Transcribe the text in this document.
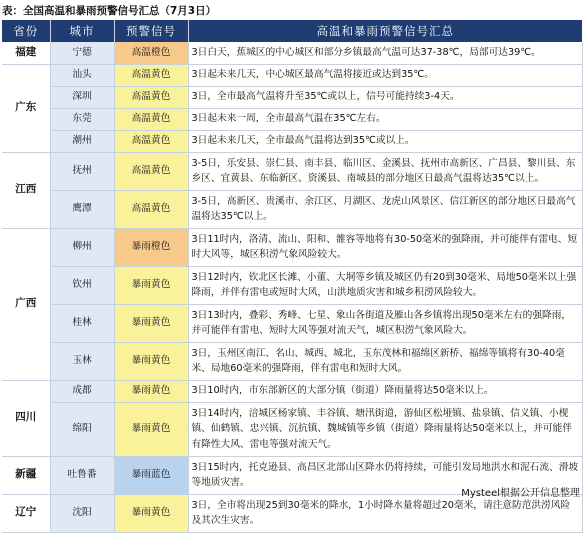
表：全国高温和暴雨预警信号汇总（7月3日）
省份	城市	预警信号	高温和暴雨预警信号汇总
福建	宁德	高温橙色	3日白天，蕉城区的中心城区和部分乡镇最高气温可达37-38℃，局部可达39℃。
广东	汕头	高温黄色	3日起未来几天，中心城区最高气温将接近或达到35℃。
	深圳	高温黄色	3日，全市最高气温将升至35℃或以上，信号可能持续3-4天。
	东莞	高温黄色	3日起未来一周，全市最高气温在35℃左右。
	潮州	高温黄色	3日起未来几天，全市最高气温将达到35℃或以上。
江西	抚州	高温黄色	3-5日，乐安县、崇仁县、南丰县、临川区、金溪县、抚州市高新区、广昌县、黎川县、东乡区、宜黄县、东临新区、资溪县、南城县的部分地区日最高气温将达35℃以上。
	鹰潭	高温黄色	3-5日，高新区、贵溪市、余江区、月湖区、龙虎山风景区、信江新区的部分地区日最高气温将达35℃以上。
广西	柳州	暴雨橙色	3日11时内，洛清、流山、阳和、雒容等地将有30-50毫米的强降雨，并可能伴有雷电、短时大风等，城区积涝气象风险较大。
	钦州	暴雨黄色	3日12时内，钦北区长滩、小董、大垌等乡镇及城区仍有20到30毫米、局地50毫米以上强降雨，并伴有雷电或短时大风，山洪地质灾害和城乡积涝风险较大。
	桂林	暴雨黄色	3日13时内，叠彩、秀峰、七星、象山各街道及雁山各乡镇将出现50毫米左右的强降雨，并可能伴有雷电、短时大风等强对流天气，城区积涝气象风险大。
	玉林	暴雨黄色	3日，玉州区南江、名山、城西、城北，玉东茂林和福绵区新桥、福绵等镇将有30-40毫米、局地60毫米的强降雨，伴有雷电和短时大风。
四川	成都	暴雨黄色	3日10时内，市东部新区的大部分镇（街道）降雨量将达50毫米以上。
	绵阳	暴雨黄色	3日14时内，涪城区杨家镇、丰谷镇、塘汛街道，游仙区松垭镇、盐泉镇、信义镇、小枧镇、仙鹤镇、忠兴镇、沉抗镇、魏城镇等乡镇（街道）降雨量将达50毫米以上，并可能伴有降性大风、雷电等强对流天气。
新疆	吐鲁番	暴雨蓝色	3日15时内，托克逊县、高昌区北部山区降水仍将持续，可能引发局地洪水和泥石流、滑坡等地质灾害。
辽宁	沈阳	暴雨黄色	3日，全市将出现25到30毫米的降水，1小时降水量将超过20毫米，请注意防范洪涝风险及其次生灾害。
Mysteel根据公开信息整理
